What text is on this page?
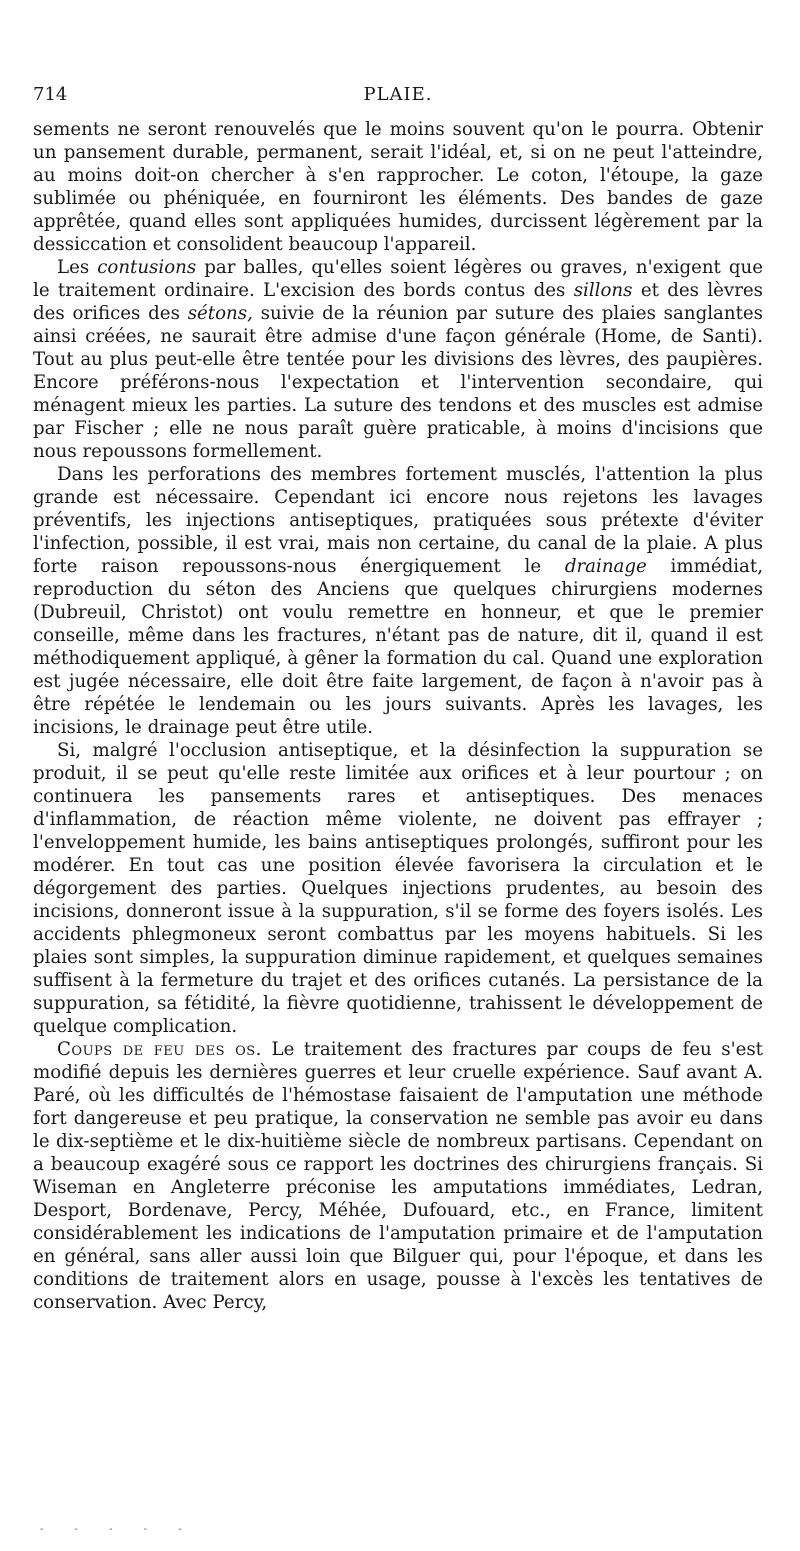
714	PLAIE.

sements ne seront renouvelés que le moins souvent qu'on le pourra. Obtenir un pansement durable, permanent, serait l'idéal, et, si on ne peut l'atteindre, au moins doit-on chercher à s'en rapprocher. Le coton, l'étoupe, la gaze sublimée ou phéniquée, en fourniront les éléments. Des bandes de gaze apprêtée, quand elles sont appliquées humides, durcissent légèrement par la dessiccation et consolident beaucoup l'appareil.

Les contusions par balles, qu'elles soient légères ou graves, n'exigent que le traitement ordinaire. L'excision des bords contus des sillons et des lèvres des orifices des sétons, suivie de la réunion par suture des plaies sanglantes ainsi créées, ne saurait être admise d'une façon générale (Home, de Santi). Tout au plus peut-elle être tentée pour les divisions des lèvres, des paupières. Encore préférons-nous l'expectation et l'intervention secondaire, qui ménagent mieux les parties. La suture des tendons et des muscles est admise par Fischer ; elle ne nous paraît guère praticable, à moins d'incisions que nous repoussons formellement.

Dans les perforations des membres fortement musclés, l'attention la plus grande est nécessaire. Cependant ici encore nous rejetons les lavages préventifs, les injections antiseptiques, pratiquées sous prétexte d'éviter l'infection, possible, il est vrai, mais non certaine, du canal de la plaie. A plus forte raison repoussons-nous énergiquement le drainage immédiat, reproduction du séton des Anciens que quelques chirurgiens modernes (Dubreuil, Christot) ont voulu remettre en honneur, et que le premier conseille, même dans les fractures, n'étant pas de nature, dit il, quand il est méthodiquement appliqué, à gêner la formation du cal. Quand une exploration est jugée nécessaire, elle doit être faite largement, de façon à n'avoir pas à être répétée le lendemain ou les jours suivants. Après les lavages, les incisions, le drainage peut être utile.

Si, malgré l'occlusion antiseptique, et la désinfection la suppuration se produit, il se peut qu'elle reste limitée aux orifices et à leur pourtour ; on continuera les pansements rares et antiseptiques. Des menaces d'inflammation, de réaction même violente, ne doivent pas effrayer ; l'enveloppement humide, les bains antiseptiques prolongés, suffiront pour les modérer. En tout cas une position élevée favorisera la circulation et le dégorgement des parties. Quelques injections prudentes, au besoin des incisions, donneront issue à la suppuration, s'il se forme des foyers isolés. Les accidents phlegmoneux seront combattus par les moyens habituels. Si les plaies sont simples, la suppuration diminue rapidement, et quelques semaines suffisent à la fermeture du trajet et des orifices cutanés. La persistance de la suppuration, sa fétidité, la fièvre quotidienne, trahissent le développement de quelque complication.

Coups de feu des os. Le traitement des fractures par coups de feu s'est modifié depuis les dernières guerres et leur cruelle expérience. Sauf avant A. Paré, où les difficultés de l'hémostase faisaient de l'amputation une méthode fort dangereuse et peu pratique, la conservation ne semble pas avoir eu dans le dix-septième et le dix-huitième siècle de nombreux partisans. Cependant on a beaucoup exagéré sous ce rapport les doctrines des chirurgiens français. Si Wiseman en Angleterre préconise les amputations immédiates, Ledran, Desport, Bordenave, Percy, Méhée, Dufouard, etc., en France, limitent considérablement les indications de l'amputation primaire et de l'amputation en général, sans aller aussi loin que Bilguer qui, pour l'époque, et dans les conditions de traitement alors en usage, pousse à l'excès les tentatives de conservation. Avec Percy,

- - - - -
